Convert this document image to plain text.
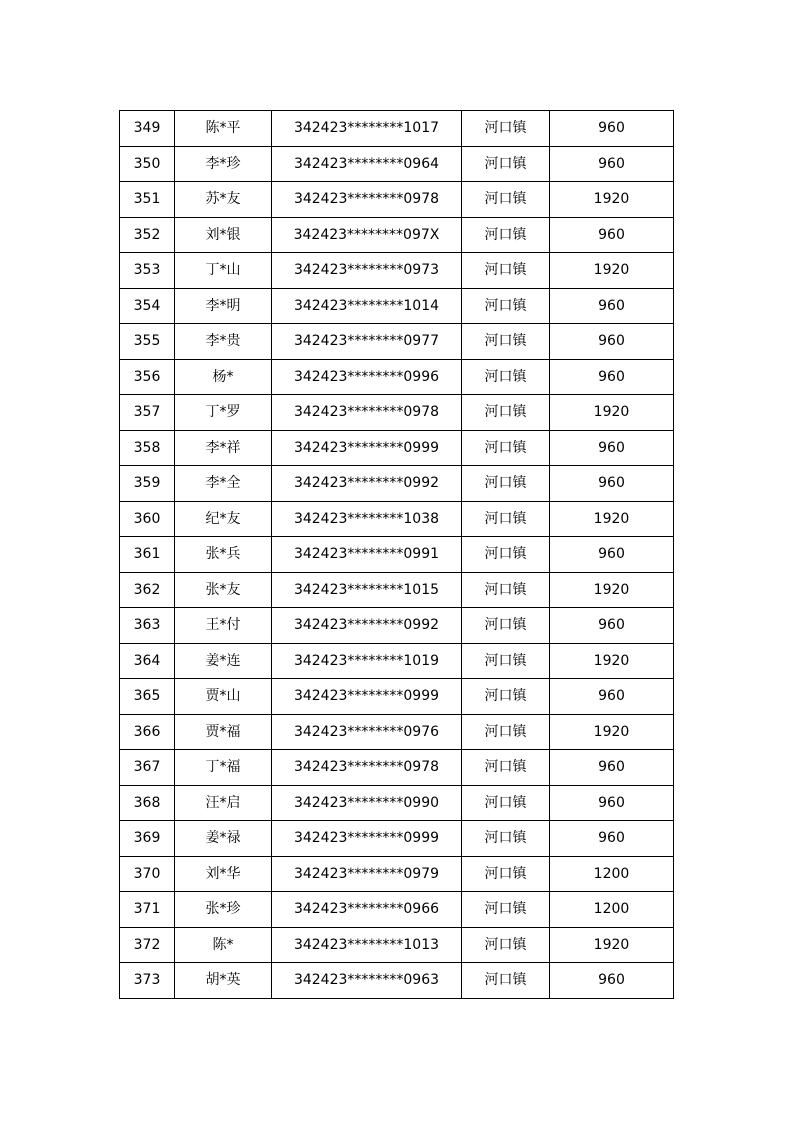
349	陈*平	342423********1017	河口镇	960
350	李*珍	342423********0964	河口镇	960
351	苏*友	342423********0978	河口镇	1920
352	刘*银	342423********097X	河口镇	960
353	丁*山	342423********0973	河口镇	1920
354	李*明	342423********1014	河口镇	960
355	李*贵	342423********0977	河口镇	960
356	杨*	342423********0996	河口镇	960
357	丁*罗	342423********0978	河口镇	1920
358	李*祥	342423********0999	河口镇	960
359	李*全	342423********0992	河口镇	960
360	纪*友	342423********1038	河口镇	1920
361	张*兵	342423********0991	河口镇	960
362	张*友	342423********1015	河口镇	1920
363	王*付	342423********0992	河口镇	960
364	姜*连	342423********1019	河口镇	1920
365	贾*山	342423********0999	河口镇	960
366	贾*福	342423********0976	河口镇	1920
367	丁*福	342423********0978	河口镇	960
368	汪*启	342423********0990	河口镇	960
369	姜*禄	342423********0999	河口镇	960
370	刘*华	342423********0979	河口镇	1200
371	张*珍	342423********0966	河口镇	1200
372	陈*	342423********1013	河口镇	1920
373	胡*英	342423********0963	河口镇	960
